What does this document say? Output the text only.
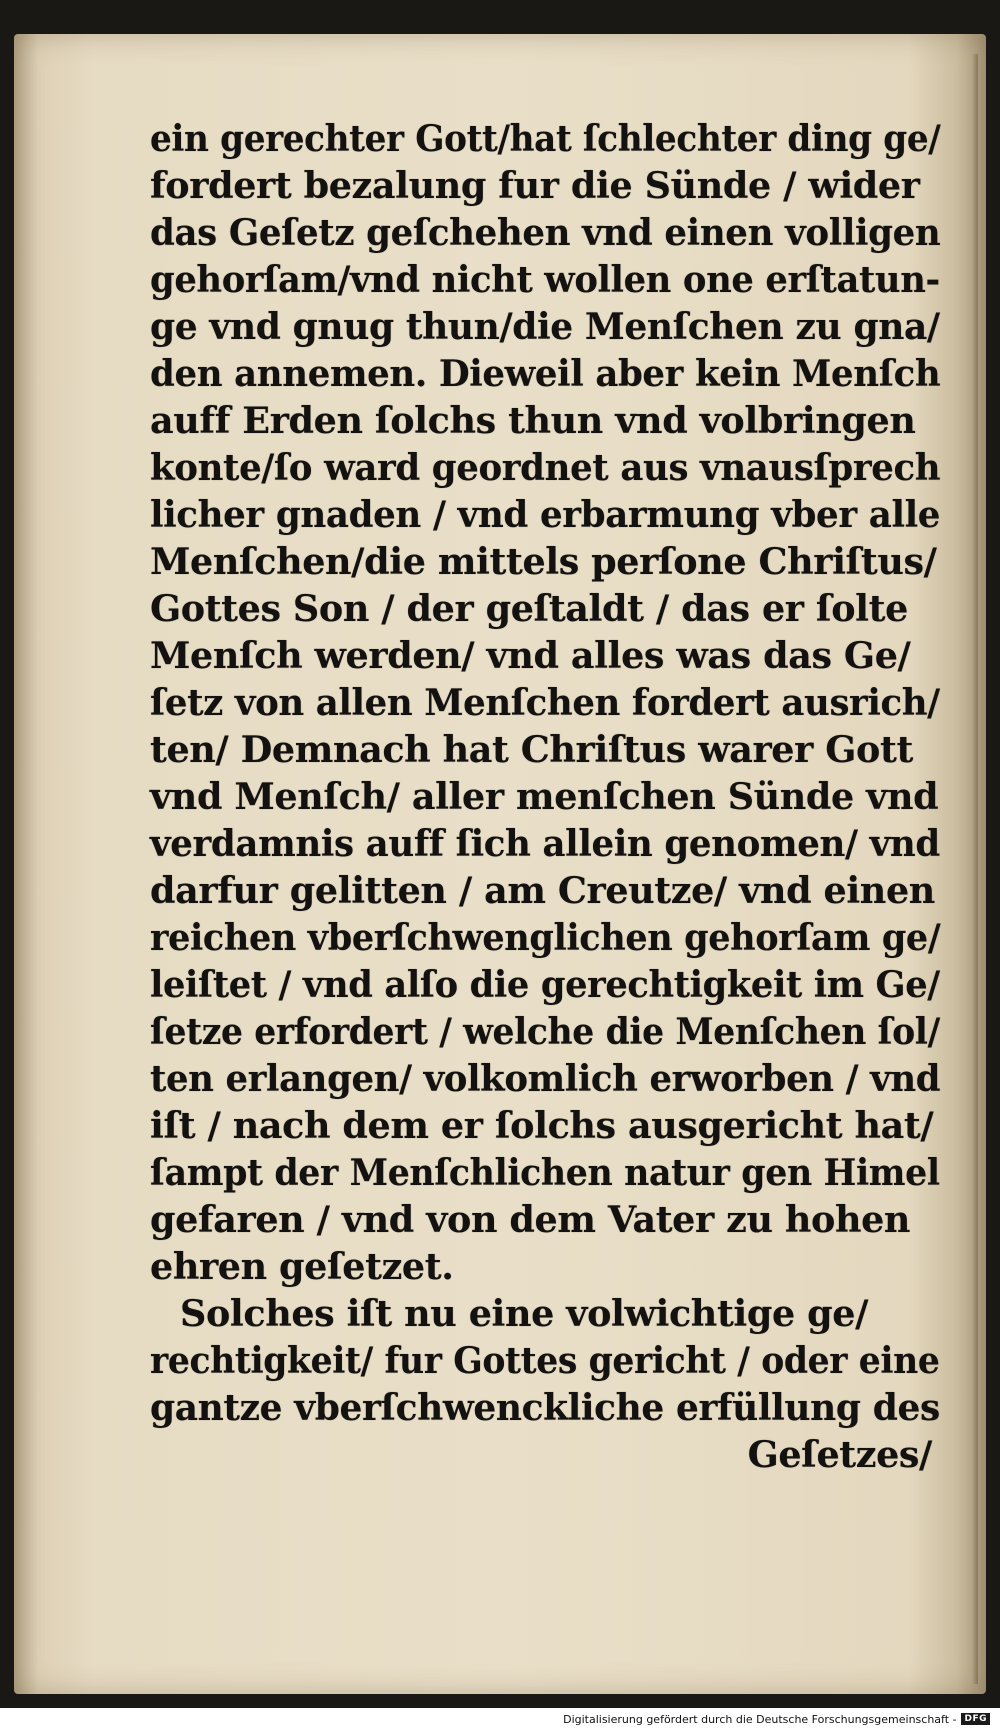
ein gerechter Gott/hat ſchlechter ding ge/
fordert bezalung fur die Sünde / wider
das Geſetz geſchehen vnd einen volligen
gehorſam/vnd nicht wollen one erſtatun-
ge vnd gnug thun/die Menſchen zu gna/
den annemen. Dieweil aber kein Menſch
auff Erden ſolchs thun vnd volbringen
konte/ſo ward geordnet aus vnausſprech
licher gnaden / vnd erbarmung vber alle
Menſchen/die mittels perſone Chriſtus/
Gottes Son / der geſtaldt / das er ſolte
Menſch werden/ vnd alles was das Ge/
ſetz von allen Menſchen fordert ausrich/
ten/ Demnach hat Chriſtus warer Gott
vnd Menſch/ aller menſchen Sünde vnd
verdamnis auff ſich allein genomen/ vnd
darfur gelitten / am Creutze/ vnd einen
reichen vberſchwenglichen gehorſam ge/
leiſtet / vnd alſo die gerechtigkeit im Ge/
ſetze erfordert / welche die Menſchen ſol/
ten erlangen/ volkomlich erworben / vnd
iſt / nach dem er ſolchs ausgericht hat/
ſampt der Menſchlichen natur gen Himel
gefaren / vnd von dem Vater zu hohen
ehren geſetzet.
Solches iſt nu eine volwichtige ge/
rechtigkeit/ fur Gottes gericht / oder eine
gantze vberſchwenckliche erfüllung des
Geſetzes/
Digitalisierung gefördert durch die Deutsche Forschungsgemeinschaft - DFG
